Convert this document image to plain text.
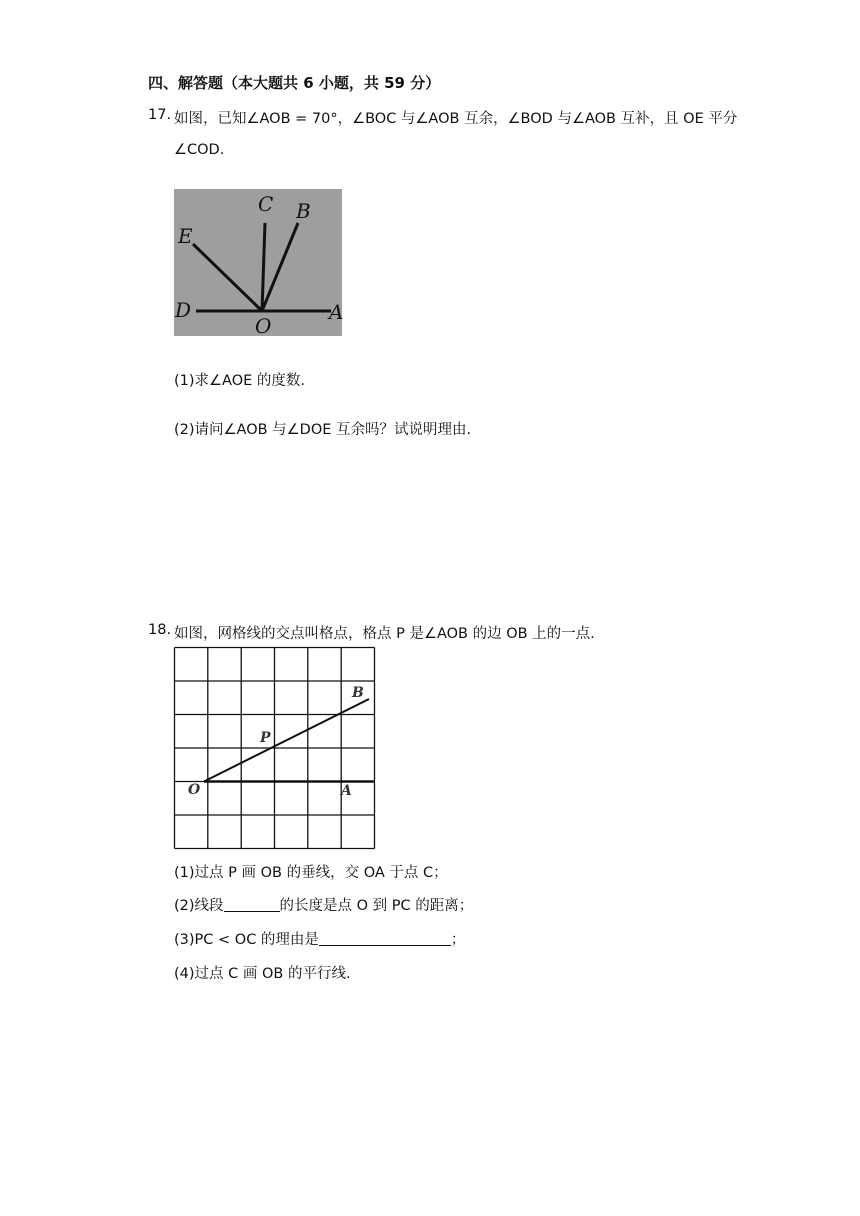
四、解答题（本大题共 6 小题，共 59 分）
17. 如图，已知∠AOB = 70°，∠BOC 与∠AOB 互余，∠BOD 与∠AOB 互补，且 OE 平分
∠COD.
C B
E
D
O
A
(1)求∠AOE 的度数.
(2)请问∠AOB 与∠DOE 互余吗？试说明理由.
18. 如图，网格线的交点叫格点，格点 P 是∠AOB 的边 OB 上的一点.
B
P
O	A
(1)过点 P 画 OB 的垂线，交 OA 于点 C；
(2)线段	的长度是点 O 到 PC 的距离；
(3)PC < OC 的理由是	；
(4)过点 C 画 OB 的平行线.
